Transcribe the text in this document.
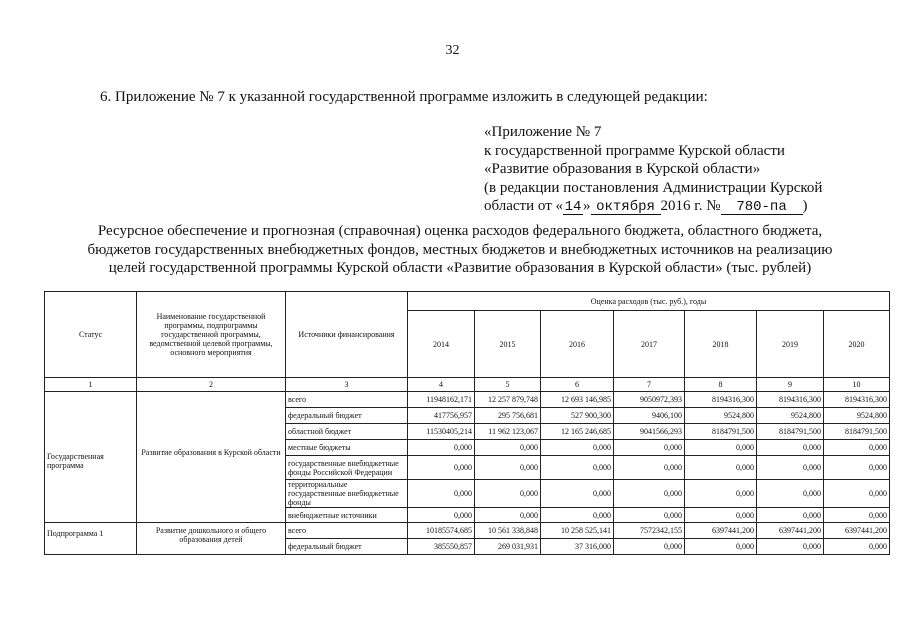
32
6. Приложение № 7 к указанной государственной программе изложить в следующей редакции:
«Приложение № 7
к государственной программе Курской области
«Развитие образования в Курской области»
(в редакции постановления Администрации Курской
области от « 14 » октября 2016 г. № 780-па )
Ресурсное обеспечение и прогнозная (справочная) оценка расходов федерального бюджета, областного бюджета,
бюджетов государственных внебюджетных фондов, местных бюджетов и внебюджетных источников на реализацию
целей государственной программы Курской области «Развитие образования в Курской области» (тыс. рублей)
Статус	Наименование государственной программы, подпрограммы государственной программы, ведомственной целевой программы, основного мероприятия	Источники финансирования	Оценка расходов (тыс. руб.), годы						
			2014	2015	2016	2017	2018	2019	2020
1	2	3	4	5	6	7	8	9	10
Государственная программа	Развитие образования в Курской области	всего	11948162,171	12 257 879,748	12 693 146,985	9050972,393	8194316,300	8194316,300	8194316,300
		федеральный бюджет	417756,957	295 756,681	527 900,300	9406,100	9524,800	9524,800	9524,800
		областной бюджет	11530405,214	11 962 123,067	12 165 246,685	9041566,293	8184791,500	8184791,500	8184791,500
		местные бюджеты	0,000	0,000	0,000	0,000	0,000	0,000	0,000
		государственные внебюджетные фонды Российской Федерации	0,000	0,000	0,000	0,000	0,000	0,000	0,000
		территориальные государственные внебюджетные фонды	0,000	0,000	0,000	0,000	0,000	0,000	0,000
		внебюджетные источники	0,000	0,000	0,000	0,000	0,000	0,000	0,000
Подпрограмма 1	Развитие дошкольного и общего образования детей	всего	10185574,685	10 561 338,848	10 258 525,141	7572342,155	6397441,200	6397441,200	6397441,200
		федеральный бюджет	385550,857	269 031,931	37 316,000	0,000	0,000	0,000	0,000
